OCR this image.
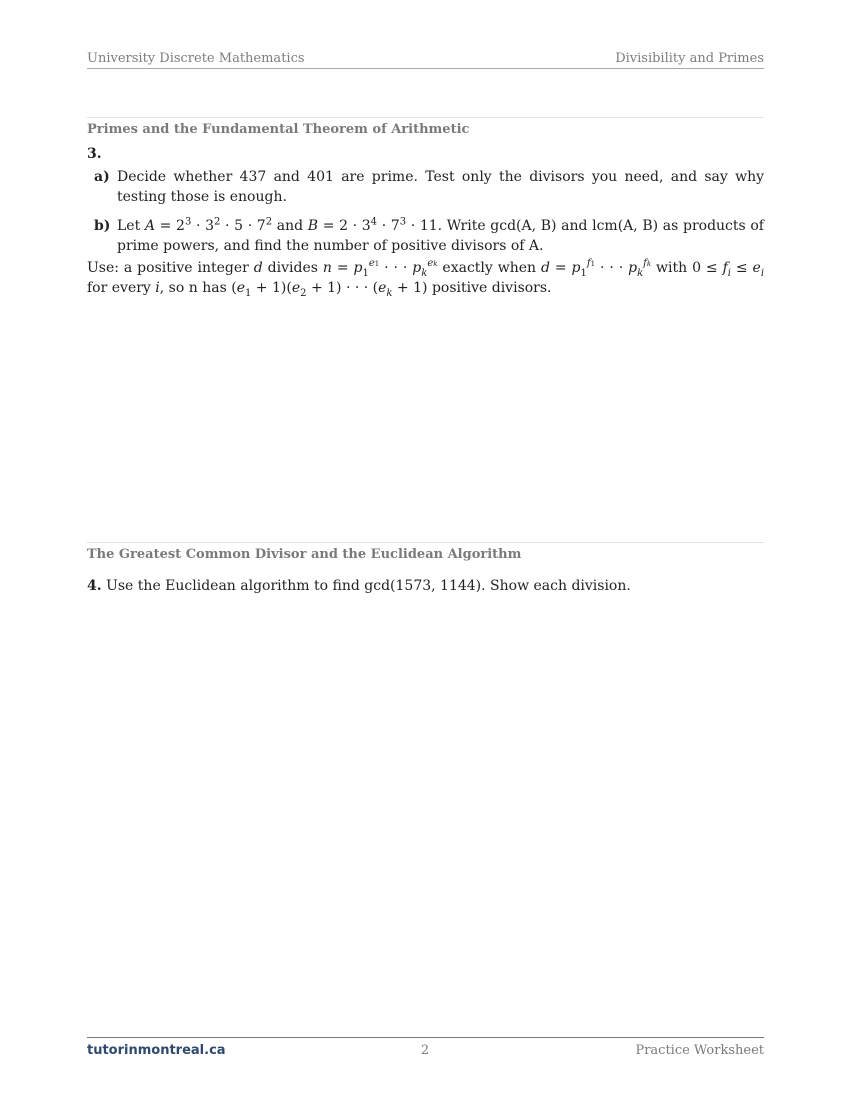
University Discrete Mathematics	Divisibility and Primes
Primes and the Fundamental Theorem of Arithmetic
3.
a) Decide whether 437 and 401 are prime. Test only the divisors you need, and say why testing those is enough.
b) Let $A = 2^3 \cdot 3^2 \cdot 5 \cdot 7^2$ and $B = 2 \cdot 3^4 \cdot 7^3 \cdot 11$. Write gcd(A, B) and lcm(A, B) as products of prime powers, and find the number of positive divisors of A.
Use: a positive integer d divides $n = p_1^{e1}$ · · · $p_k^{ek}$ exactly when $d = p_1^{f1}$ · · · $p_k^{fk}$ with $0 \le f_i \le e_i$ for every i, so n has $(e_1 + 1)(e_2 + 1)$ · · · $(e_k + 1)$ positive divisors.
The Greatest Common Divisor and the Euclidean Algorithm
4. Use the Euclidean algorithm to find gcd(1573, 1144). Show each division.
tutorinmontreal.ca	2	Practice Worksheet
